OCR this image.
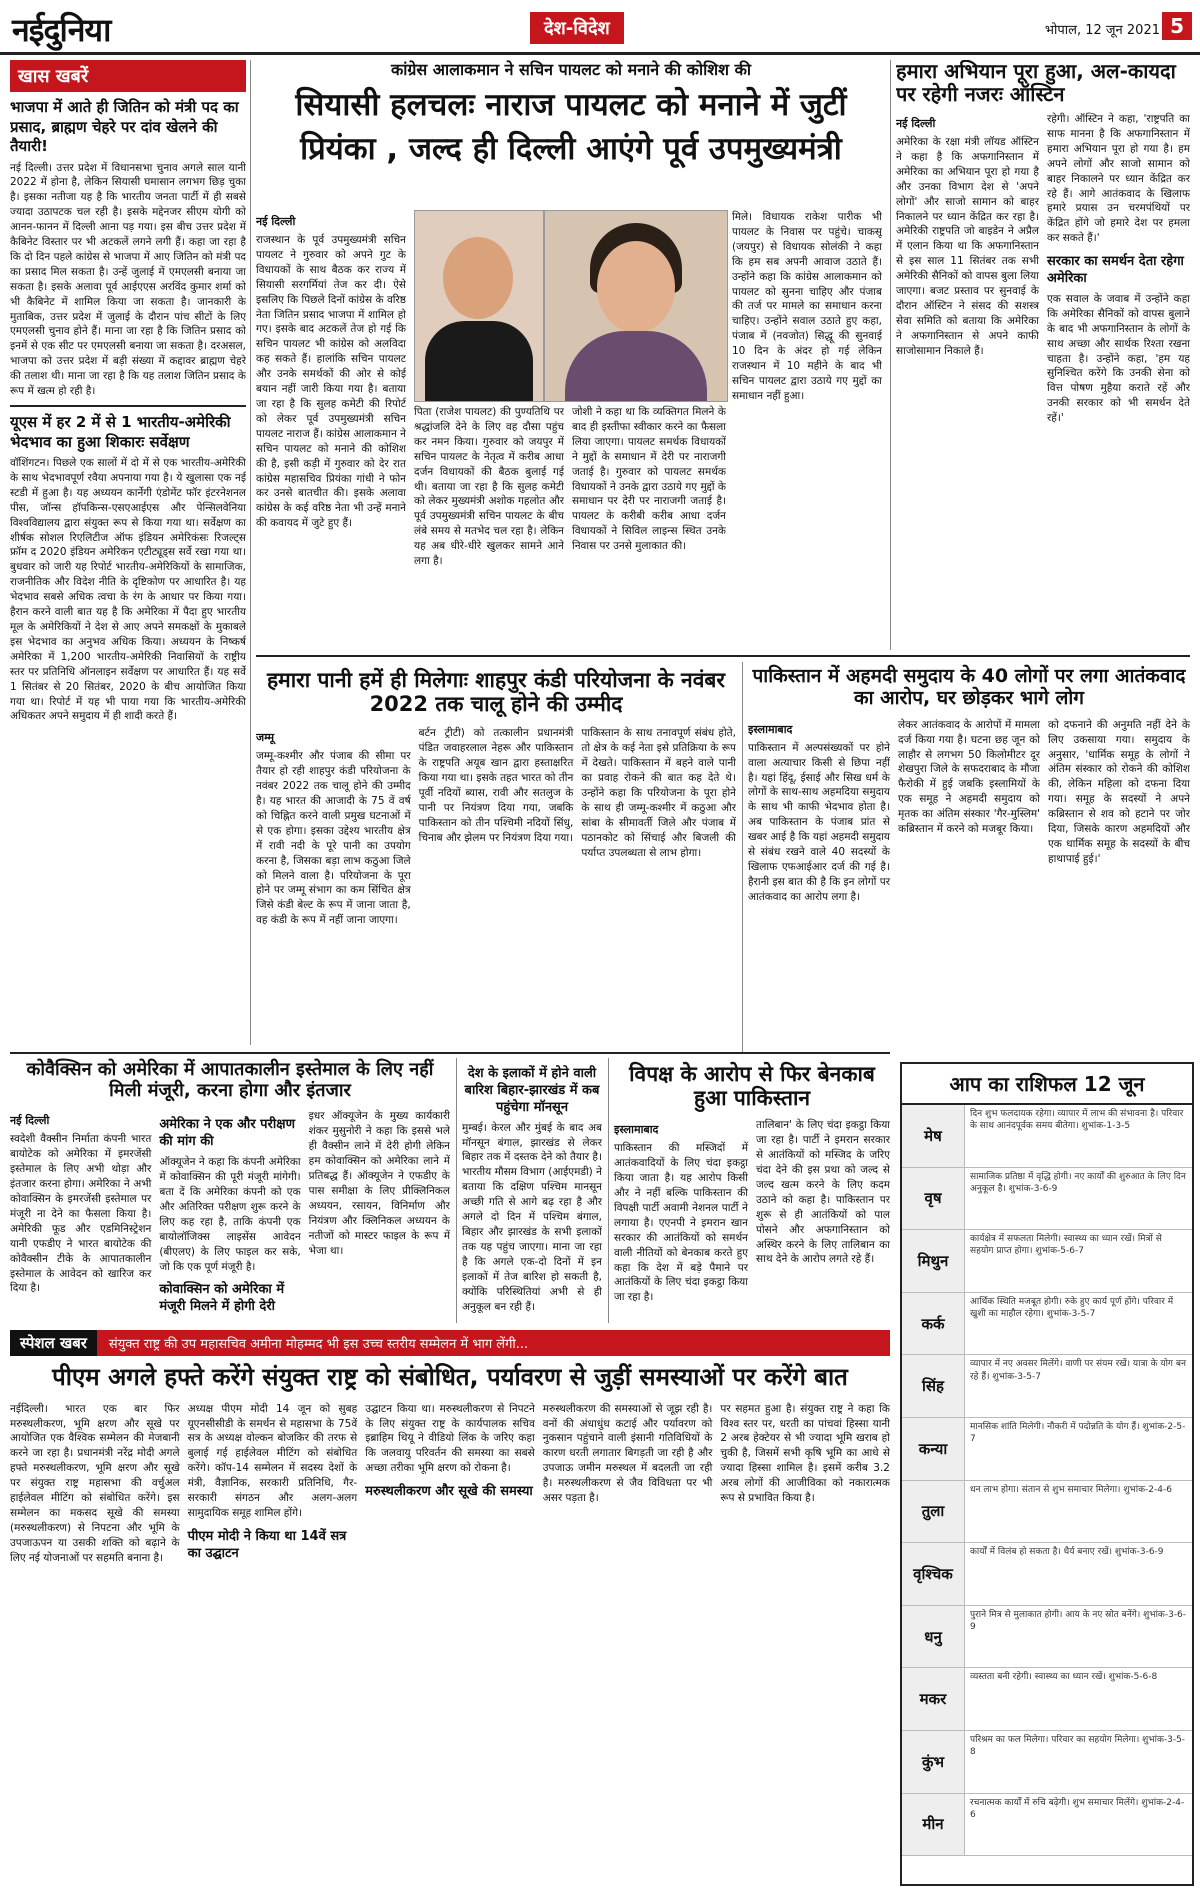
नईदुनिया	देश-विदेश	भोपाल, 12 जून 2021 5
खास खबरें
भाजपा में आते ही जितिन को मंत्री पद का प्रसाद, ब्राह्मण चेहरे पर दांव खेलने की तैयारी!

नई दिल्ली। उत्तर प्रदेश में विधानसभा चुनाव अगले साल यानी 2022 में होना है, लेकिन सियासी घमासान लगभग छिड़ चुका है। इसका नतीजा यह है कि भारतीय जनता पार्टी में ही सबसे ज्यादा उठापटक चल रही है। इसके मद्देनजर सीएम योगी को आनन-फानन में दिल्ली आना पड़ गया। इस बीच उत्तर प्रदेश में कैबिनेट विस्तार पर भी अटकलें लगने लगी हैं। कहा जा रहा है कि दो दिन पहले कांग्रेस से भाजपा में आए जितिन को मंत्री पद का प्रसाद मिल सकता है। उन्हें जुलाई में एमएलसी बनाया जा सकता है। इसके अलावा पूर्व आईएएस अरविंद कुमार शर्मा को भी कैबिनेट में शामिल किया जा सकता है। जानकारी के मुताबिक, उत्तर प्रदेश में जुलाई के दौरान पांच सीटों के लिए एमएलसी चुनाव होने हैं। माना जा रहा है कि जितिन प्रसाद को इनमें से एक सीट पर एमएलसी बनाया जा सकता है। दरअसल, भाजपा को उत्तर प्रदेश में बड़ी संख्या में कद्दावर ब्राह्मण चेहरे की तलाश थी। माना जा रहा है कि यह तलाश जितिन प्रसाद के रूप में खत्म हो रही है।

यूएस में हर 2 में से 1 भारतीय-अमेरिकी भेदभाव का हुआ शिकारः सर्वेक्षण

वॉशिंगटन। पिछले एक सालों में दो में से एक भारतीय-अमेरिकी के साथ भेदभावपूर्ण रवैया अपनाया गया है। ये खुलासा एक नई स्टडी में हुआ है। यह अध्ययन कार्नेगी एंडोमेंट फॉर इंटरनेशनल पीस, जॉन्स हॉपकिन्स-एसएआईएस और पेन्सिलवेनिया विश्वविद्यालय द्वारा संयुक्त रूप से किया गया था। सर्वेक्षण का शीर्षक सोशल रिएलिटीज ऑफ इंडियन अमेरिकंसः रिजल्ट्स फ्रॉम द 2020 इंडियन अमेरिकन एटीट्यूड्स सर्वे रखा गया था। बुधवार को जारी यह रिपोर्ट भारतीय-अमेरिकियों के सामाजिक, राजनीतिक और विदेश नीति के दृष्टिकोण पर आधारित है। यह भेदभाव सबसे अधिक त्वचा के रंग के आधार पर किया गया। हैरान करने वाली बात यह है कि अमेरिका में पैदा हुए भारतीय मूल के अमेरिकियों ने देश से आए अपने समकक्षों के मुकाबले इस भेदभाव का अनुभव अधिक किया। अध्ययन के निष्कर्ष अमेरिका में 1,200 भारतीय-अमेरिकी निवासियों के राष्ट्रीय स्तर पर प्रतिनिधि ऑनलाइन सर्वेक्षण पर आधारित हैं। यह सर्वे 1 सितंबर से 20 सितंबर, 2020 के बीच आयोजित किया गया था। रिपोर्ट में यह भी पाया गया कि भारतीय-अमेरिकी अधिकतर अपने समुदाय में ही शादी करते हैं।

कांग्रेस आलाकमान ने सचिन पायलट को मनाने की कोशिश की
सियासी हलचलः नाराज पायलट को मनाने में जुटीं
प्रियंका , जल्द ही दिल्ली आएंगे पूर्व उपमुख्यमंत्री
नई दिल्ली

राजस्थान के पूर्व उपमुख्यमंत्री सचिन पायलट ने गुरुवार को अपने गुट के विधायकों के साथ बैठक कर राज्य में सियासी सरगर्मियां तेज कर दी। ऐसे इसलिए कि पिछले दिनों कांग्रेस के वरिष्ठ नेता जितिन प्रसाद भाजपा में शामिल हो गए। इसके बाद अटकलें तेज हो गई कि सचिन पायलट भी कांग्रेस को अलविदा कह सकते हैं। हालांकि सचिन पायलट और उनके समर्थकों की ओर से कोई बयान नहीं जारी किया गया है। बताया जा रहा है कि सुलह कमेटी की रिपोर्ट को लेकर पूर्व उपमुख्यमंत्री सचिन पायलट नाराज हैं। कांग्रेस आलाकमान ने सचिन पायलट को मनाने की कोशिश की है, इसी कड़ी में गुरुवार को देर रात कांग्रेस महासचिव प्रियंका गांधी ने फोन कर उनसे बातचीत की। इसके अलावा कांग्रेस के कई वरिष्ठ नेता भी उन्हें मनाने की कवायद में जुटे हुए हैं।

पिता (राजेश पायलट) की पुण्यतिथि पर श्रद्धांजलि देने के लिए वह दौसा पहुंच कर नमन किया। गुरुवार को जयपुर में सचिन पायलट के नेतृत्व में करीब आधा दर्जन विधायकों की बैठक बुलाई गई थी। बताया जा रहा है कि सुलह कमेटी को लेकर मुख्यमंत्री अशोक गहलोत और पूर्व उपमुख्यमंत्री सचिन पायलट के बीच लंबे समय से मतभेद चल रहा है। लेकिन यह अब धीरे-धीरे खुलकर सामने आने लगा है।

जोशी ने कहा था कि व्यक्तिगत मिलने के बाद ही इस्तीफा स्वीकार करने का फैसला लिया जाएगा। पायलट समर्थक विधायकों ने मुद्दों के समाधान में देरी पर नाराजगी जताई है। गुरुवार को पायलट समर्थक विधायकों ने उनके द्वारा उठाये गए मुद्दों के समाधान पर देरी पर नाराजगी जताई है। पायलट के करीबी करीब आधा दर्जन विधायकों ने सिविल लाइन्स स्थित उनके निवास पर उनसे मुलाकात की।

मिले। विधायक राकेश पारीक भी पायलट के निवास पर पहुंचे। चाकसू (जयपुर) से विधायक सोलंकी ने कहा कि हम सब अपनी आवाज उठाते हैं। उन्होंने कहा कि कांग्रेस आलाकमान को पायलट को सुनना चाहिए और पंजाब की तर्ज पर मामले का समाधान करना चाहिए। उन्होंने सवाल उठाते हुए कहा, पंजाब में (नवजोत) सिद्धू की सुनवाई 10 दिन के अंदर हो गई लेकिन राजस्थान में 10 महीने के बाद भी सचिन पायलट द्वारा उठाये गए मुद्दों का समाधान नहीं हुआ।

हमारा अभियान पूरा हुआ, अल-कायदा पर रहेगी नजरः ऑस्टिन
नई दिल्ली

अमेरिका के रक्षा मंत्री लॉयड ऑस्टिन ने कहा है कि अफगानिस्तान में अमेरिका का अभियान पूरा हो गया है और उनका विभाग देश से 'अपने लोगों' और साजो सामान को बाहर निकालने पर ध्यान केंद्रित कर रहा है। अमेरिकी राष्ट्रपति जो बाइडेन ने अप्रैल में एलान किया था कि अफगानिस्तान से इस साल 11 सितंबर तक सभी अमेरिकी सैनिकों को वापस बुला लिया जाएगा। बजट प्रस्ताव पर सुनवाई के दौरान ऑस्टिन ने संसद की सशस्त्र सेवा समिति को बताया कि अमेरिका ने अफगानिस्तान से अपने काफी साजोसामान निकाले हैं।

रहेगी। ऑस्टिन ने कहा, 'राष्ट्रपति का साफ मानना है कि अफगानिस्तान में हमारा अभियान पूरा हो गया है। हम अपने लोगों और साजो सामान को बाहर निकालने पर ध्यान केंद्रित कर रहे हैं। आगे आतंकवाद के खिलाफ हमारे प्रयास उन चरमपंथियों पर केंद्रित होंगे जो हमारे देश पर हमला कर सकते हैं।'

सरकार का समर्थन देता रहेगा अमेरिका

एक सवाल के जवाब में उन्होंने कहा कि अमेरिका सैनिकों को वापस बुलाने के बाद भी अफगानिस्तान के लोगों के साथ अच्छा और सार्थक रिश्ता रखना चाहता है। उन्होंने कहा, 'हम यह सुनिश्चित करेंगे कि उनकी सेना को वित्त पोषण मुहैया कराते रहें और उनकी सरकार को भी समर्थन देते रहें।'

हमारा पानी हमें ही मिलेगाः शाहपुर कंडी परियोजना के नवंबर 2022 तक चालू होने की उम्मीद
जम्मू

जम्मू-कश्मीर और पंजाब की सीमा पर तैयार हो रही शाहपुर कंडी परियोजना के नवंबर 2022 तक चालू होने की उम्मीद है। यह भारत की आजादी के 75 वें वर्ष को चिह्नित करने वाली प्रमुख घटनाओं में से एक होगा। इसका उद्देश्य भारतीय क्षेत्र में रावी नदी के पूरे पानी का उपयोग करना है, जिसका बड़ा लाभ कठुआ जिले को मिलने वाला है। परियोजना के पूरा होने पर जम्मू संभाग का कम सिंचित क्षेत्र जिसे कंडी बेल्ट के रूप में जाना जाता है, वह कंडी के रूप में नहीं जाना जाएगा।

बर्टन ट्रीटी) को तत्कालीन प्रधानमंत्री पंडित जवाहरलाल नेहरू और पाकिस्तान के राष्ट्रपति अयूब खान द्वारा हस्ताक्षरित किया गया था। इसके तहत भारत को तीन पूर्वी नदियों ब्यास, रावी और सतलुज के पानी पर नियंत्रण दिया गया, जबकि पाकिस्तान को तीन पश्चिमी नदियों सिंधु, चिनाब और झेलम पर नियंत्रण दिया गया।

पाकिस्तान के साथ तनावपूर्ण संबंध होते, तो क्षेत्र के कई नेता इसे प्रतिक्रिया के रूप में देखते। पाकिस्तान में बहने वाले पानी का प्रवाह रोकने की बात कह देते थे। उन्होंने कहा कि परियोजना के पूरा होने के साथ ही जम्मू-कश्मीर में कठुआ और सांबा के सीमावर्ती जिले और पंजाब में पठानकोट को सिंचाई और बिजली की पर्याप्त उपलब्धता से लाभ होगा।

पाकिस्तान में अहमदी समुदाय के 40 लोगों पर लगा आतंकवाद का आरोप, घर छोड़कर भागे लोग
इस्लामाबाद

पाकिस्तान में अल्पसंख्यकों पर होने वाला अत्याचार किसी से छिपा नहीं है। यहां हिंदू, ईसाई और सिख धर्म के लोगों के साथ-साथ अहमदिया समुदाय के साथ भी काफी भेदभाव होता है। अब पाकिस्तान के पंजाब प्रांत से खबर आई है कि यहां अहमदी समुदाय से संबंध रखने वाले 40 सदस्यों के खिलाफ एफआईआर दर्ज की गई है। हैरानी इस बात की है कि इन लोगों पर आतंकवाद का आरोप लगा है।

लेकर आतंकवाद के आरोपों में मामला दर्ज किया गया है। घटना छह जून को लाहौर से लगभग 50 किलोमीटर दूर शेखपुरा जिले के सफदराबाद के मौजा फैरोकी में हुई जबकि इस्लामियों के एक समूह ने अहमदी समुदाय को मृतक का अंतिम संस्कार 'गैर-मुस्लिम' कब्रिस्तान में करने को मजबूर किया।

को दफनाने की अनुमति नहीं देने के लिए उकसाया गया। समुदाय के अनुसार, 'धार्मिक समूह के लोगों ने अंतिम संस्कार को रोकने की कोशिश की, लेकिन महिला को दफना दिया गया। समूह के सदस्यों ने अपने कब्रिस्तान से शव को हटाने पर जोर दिया, जिसके कारण अहमदियों और एक धार्मिक समूह के सदस्यों के बीच हाथापाई हुई।'

कोवैक्सिन को अमेरिका में आपातकालीन इस्तेमाल के लिए नहीं मिली मंजूरी, करना होगा और इंतजार
नई दिल्ली

स्वदेशी वैक्सीन निर्माता कंपनी भारत बायोटेक को अमेरिका में इमरजेंसी इस्तेमाल के लिए अभी थोड़ा और इंतजार करना होगा। अमेरिका ने अभी कोवाक्सिन के इमरजेंसी इस्तेमाल पर मंजूरी ना देने का फैसला किया है। अमेरिकी फूड और एडमिनिस्ट्रेशन यानी एफडीए ने भारत बायोटेक की कोवैक्सीन टीके के आपातकालीन इस्तेमाल के आवेदन को खारिज कर दिया है।

अमेरिका ने एक और परीक्षण की मांग की

ऑक्यूजेन ने कहा कि कंपनी अमेरिका में कोवाक्सिन की पूरी मंजूरी मांगेगी। बता दें कि अमेरिका कंपनी को एक और अतिरिक्त परीक्षण शुरू करने के लिए कह रहा है, ताकि कंपनी एक बायोलॉजिक्स लाइसेंस आवेदन (बीएलए) के लिए फाइल कर सके, जो कि एक पूर्ण मंजूरी है।

कोवाक्सिन को अमेरिका में मंजूरी मिलने में होगी देरी

इधर ऑक्यूजेन के मुख्य कार्यकारी शंकर मुसुनोरी ने कहा कि इससे भले ही वैक्सीन लाने में देरी होगी लेकिन हम कोवाक्सिन को अमेरिका लाने में प्रतिबद्ध हैं। ऑक्यूजेन ने एफडीए के पास समीक्षा के लिए प्रीक्लिनिकल अध्ययन, रसायन, विनिर्माण और नियंत्रण और क्लिनिकल अध्ययन के नतीजों को मास्टर फाइल के रूप में भेजा था।

देश के इलाकों में होने वाली बारिश बिहार-झारखंड में कब पहुंचेगा मॉनसून

मुम्बई। केरल और मुंबई के बाद अब मॉनसून बंगाल, झारखंड से लेकर बिहार तक में दस्तक देने को तैयार है। भारतीय मौसम विभाग (आईएमडी) ने बताया कि दक्षिण पश्चिम मानसून अच्छी गति से आगे बढ़ रहा है और अगले दो दिन में पश्चिम बंगाल, बिहार और झारखंड के सभी इलाकों तक यह पहुंच जाएगा। माना जा रहा है कि अगले एक-दो दिनों में इन इलाकों में तेज बारिश हो सकती है, क्योंकि परिस्थितियां अभी से ही अनुकूल बन रही हैं।

विपक्ष के आरोप से फिर बेनकाब हुआ पाकिस्तान
इस्लामाबाद

पाकिस्तान की मस्जिदों में आतंकवादियों के लिए चंदा इकट्ठा किया जाता है। यह आरोप किसी और ने नहीं बल्कि पाकिस्तान की विपक्षी पार्टी अवामी नेशनल पार्टी ने लगाया है। एएनपी ने इमरान खान सरकार की आतंकियों को समर्थन वाली नीतियों को बेनकाब करते हुए कहा कि देश में बड़े पैमाने पर आतंकियों के लिए चंदा इकट्ठा किया जा रहा है।

तालिबान' के लिए चंदा इकट्ठा किया जा रहा है। पार्टी ने इमरान सरकार से आतंकियों को मस्जिद के जरिए चंदा देने की इस प्रथा को जल्द से जल्द खत्म करने के लिए कदम उठाने को कहा है। पाकिस्तान पर शुरू से ही आतंकियों को पाल पोसने और अफगानिस्तान को अस्थिर करने के लिए तालिबान का साथ देने के आरोप लगते रहे हैं।

आप का राशिफल 12 जून
मेष
दिन शुभ फलदायक रहेगा। व्यापार में लाभ की संभावना है। परिवार के साथ आनंदपूर्वक समय बीतेगा। शुभांक-1-3-5
वृष
सामाजिक प्रतिष्ठा में वृद्धि होगी। नए कार्यों की शुरुआत के लिए दिन अनुकूल है। शुभांक-3-6-9
मिथुन
कार्यक्षेत्र में सफलता मिलेगी। स्वास्थ्य का ध्यान रखें। मित्रों से सहयोग प्राप्त होगा। शुभांक-5-6-7
कर्क
आर्थिक स्थिति मजबूत होगी। रुके हुए कार्य पूर्ण होंगे। परिवार में खुशी का माहौल रहेगा। शुभांक-3-5-7
सिंह
व्यापार में नए अवसर मिलेंगे। वाणी पर संयम रखें। यात्रा के योग बन रहे हैं। शुभांक-3-5-7
कन्या
मानसिक शांति मिलेगी। नौकरी में पदोन्नति के योग हैं। शुभांक-2-5-7
तुला
धन लाभ होगा। संतान से शुभ समाचार मिलेगा। शुभांक-2-4-6
वृश्चिक
कार्यों में विलंब हो सकता है। धैर्य बनाए रखें। शुभांक-3-6-9
धनु
पुराने मित्र से मुलाकात होगी। आय के नए स्रोत बनेंगे। शुभांक-3-6-9
मकर
व्यस्तता बनी रहेगी। स्वास्थ्य का ध्यान रखें। शुभांक-5-6-8
कुंभ
परिश्रम का फल मिलेगा। परिवार का सहयोग मिलेगा। शुभांक-3-5-8
मीन
रचनात्मक कार्यों में रुचि बढ़ेगी। शुभ समाचार मिलेंगे। शुभांक-2-4-6
स्पेशल खबर	संयुक्त राष्ट्र की उप महासचिव अमीना मोहम्मद भी इस उच्च स्तरीय सम्मेलन में भाग लेंगी...
पीएम अगले हफ्ते करेंगे संयुक्त राष्ट्र को संबोधित, पर्यावरण से जुड़ीं समस्याओं पर करेंगे बात

नईदिल्ली। भारत एक बार फिर मरुस्थलीकरण, भूमि क्षरण और सूखे पर आयोजित एक वैश्विक सम्मेलन की मेजबानी करने जा रहा है। प्रधानमंत्री नरेंद्र मोदी अगले हफ्ते मरुस्थलीकरण, भूमि क्षरण और सूखे पर संयुक्त राष्ट्र महासभा की वर्चुअल हाईलेवल मीटिंग को संबोधित करेंगे। इस सम्मेलन का मकसद सूखे की समस्या (मरुस्थलीकरण) से निपटना और भूमि के उपजाऊपन या उसकी शक्ति को बढ़ाने के लिए नई योजनाओं पर सहमति बनाना है।

अध्यक्ष पीएम मोदी 14 जून को सुबह यूएनसीसीडी के समर्थन से महासभा के 75वें सत्र के अध्यक्ष वोल्कन बोजकिर की तरफ से बुलाई गई हाईलेवल मीटिंग को संबोधित करेंगे। कॉप-14 सम्मेलन में सदस्य देशों के मंत्री, वैज्ञानिक, सरकारी प्रतिनिधि, गैर-सरकारी संगठन और अलग-अलग सामुदायिक समूह शामिल होंगे।

पीएम मोदी ने किया था 14वें सत्र का उद्घाटन

उद्घाटन किया था। मरुस्थलीकरण से निपटने के लिए संयुक्त राष्ट्र के कार्यपालक सचिव इब्राहिम थियू ने वीडियो लिंक के जरिए कहा कि जलवायु परिवर्तन की समस्या का सबसे अच्छा तरीका भूमि क्षरण को रोकना है।

मरुस्थलीकरण और सूखे की समस्या

मरुस्थलीकरण की समस्याओं से जूझ रही है। वनों की अंधाधुंध कटाई और पर्यावरण को नुकसान पहुंचाने वाली इंसानी गतिविधियों के कारण धरती लगातार बिगड़ती जा रही है और उपजाऊ जमीन मरुस्थल में बदलती जा रही है। मरुस्थलीकरण से जैव विविधता पर भी असर पड़ता है।

पर सहमत हुआ है। संयुक्त राष्ट्र ने कहा कि विश्व स्तर पर, धरती का पांचवां हिस्सा यानी 2 अरब हेक्टेयर से भी ज्यादा भूमि खराब हो चुकी है, जिसमें सभी कृषि भूमि का आधे से ज्यादा हिस्सा शामिल है। इसमें करीब 3.2 अरब लोगों की आजीविका को नकारात्मक रूप से प्रभावित किया है।
